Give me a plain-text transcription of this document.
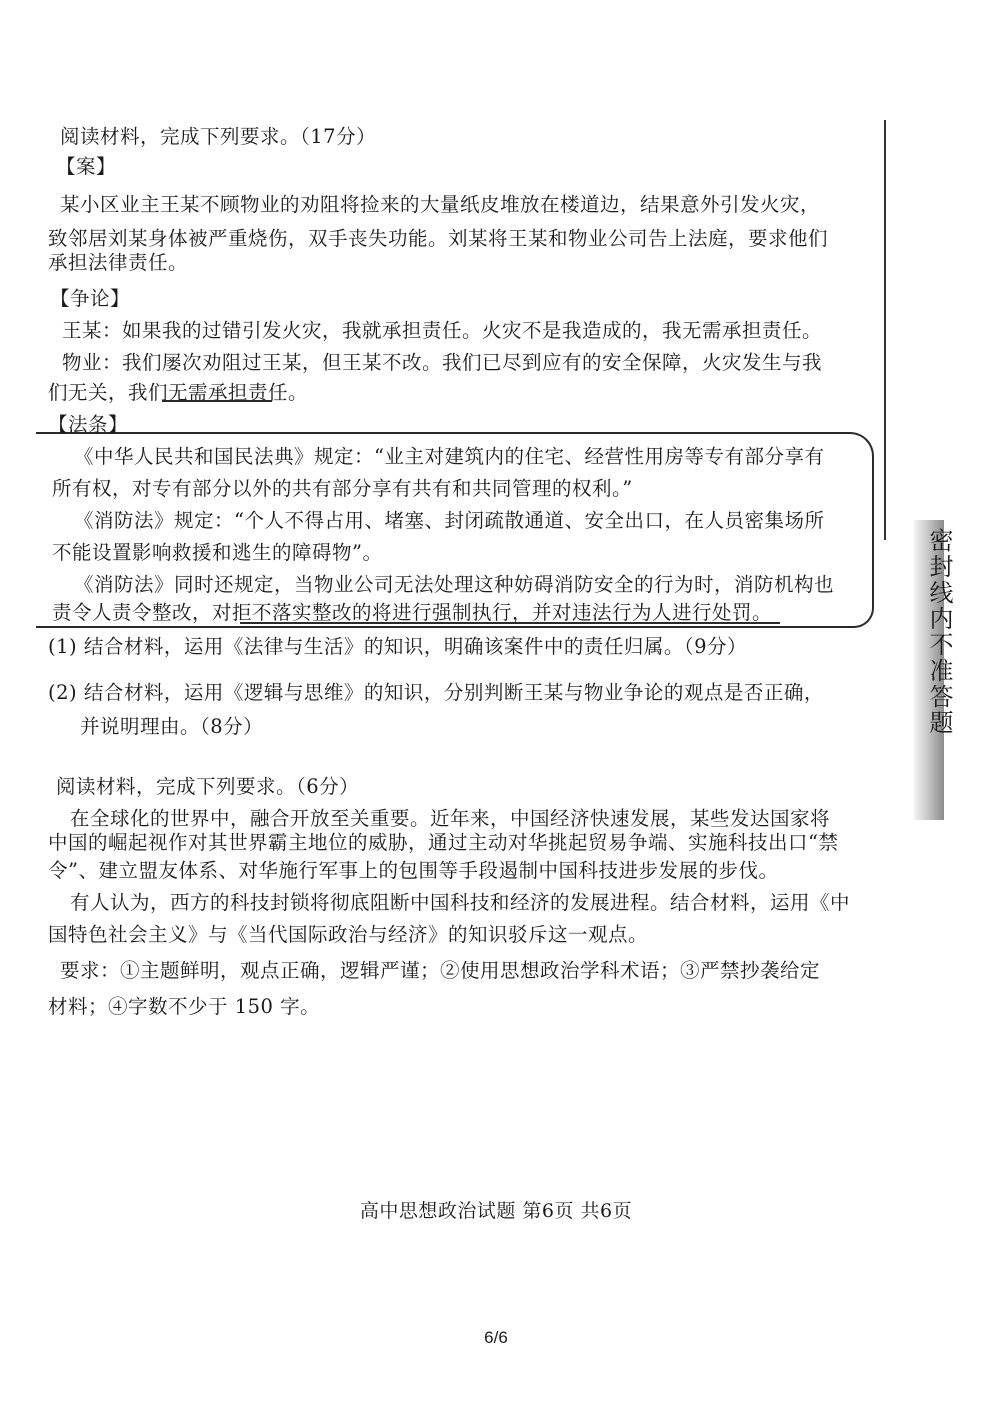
密封线内不准答题
阅读材料，完成下列要求。（17分）
【案】
某小区业主王某不顾物业的劝阻将捡来的大量纸皮堆放在楼道边，结果意外引发火灾，
致邻居刘某身体被严重烧伤，双手丧失功能。刘某将王某和物业公司告上法庭，要求他们
承担法律责任。
【争论】
王某：如果我的过错引发火灾，我就承担责任。火灾不是我造成的，我无需承担责任。
物业：我们屡次劝阻过王某，但王某不改。我们已尽到应有的安全保障，火灾发生与我
们无关，我们无需承担责任。
【法条】
《中华人民共和国民法典》规定：“业主对建筑内的住宅、经营性用房等专有部分享有
所有权，对专有部分以外的共有部分享有共有和共同管理的权利。”
《消防法》规定：“个人不得占用、堵塞、封闭疏散通道、安全出口，在人员密集场所
不能设置影响救援和逃生的障碍物”。
《消防法》同时还规定，当物业公司无法处理这种妨碍消防安全的行为时，消防机构也
责令人责令整改，对拒不落实整改的将进行强制执行，并对违法行为人进行处罚。
(1) 结合材料，运用《法律与生活》的知识，明确该案件中的责任归属。（9分）
(2) 结合材料，运用《逻辑与思维》的知识，分别判断王某与物业争论的观点是否正确，
并说明理由。（8分）
阅读材料，完成下列要求。（6分）
在全球化的世界中，融合开放至关重要。近年来，中国经济快速发展，某些发达国家将
中国的崛起视作对其世界霸主地位的威胁，通过主动对华挑起贸易争端、实施科技出口“禁
令”、建立盟友体系、对华施行军事上的包围等手段遏制中国科技进步发展的步伐。
有人认为，西方的科技封锁将彻底阻断中国科技和经济的发展进程。结合材料，运用《中
国特色社会主义》与《当代国际政治与经济》的知识驳斥这一观点。
要求：①主题鲜明，观点正确，逻辑严谨；②使用思想政治学科术语；③严禁抄袭给定
材料；④字数不少于 150 字。
高中思想政治试题 第6页 共6页
6/6
